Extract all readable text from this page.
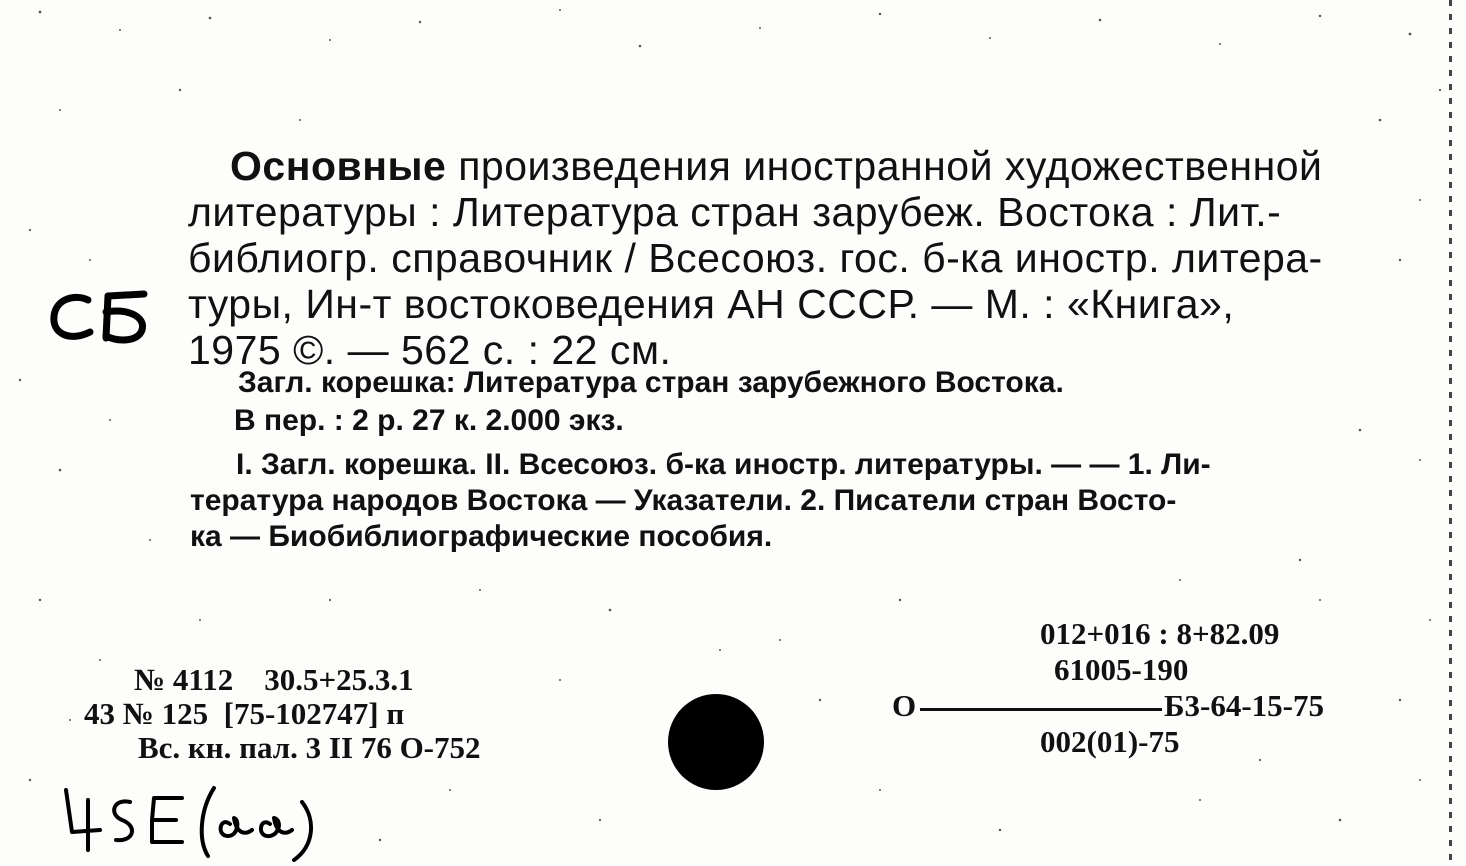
Основные произведения иностранной художественной
литературы : Литература стран зарубеж. Востока : Лит.-
библиогр. справочник / Всесоюз. гос. б-ка иностр. литера-
туры, Ин-т востоковедения АН СССР. — М. : «Книга»,
1975 ©. — 562 с. : 22 см.
Загл. корешка: Литература стран зарубежного Востока.
В пер. : 2 р. 27 к. 2.000 экз.
I. Загл. корешка. II. Всесоюз. б-ка иностр. литературы. — — 1. Ли-
тература народов Востока — Указатели. 2. Писатели стран Восто-
ка — Биобиблиографические пособия.
№ 4112    30.5+25.3.1
43 № 125  [75-102747] п
Вс. кн. пал. 3 II 76 О-752
012+016 : 8+82.09
61005-190
О	Б3-64-15-75
002(01)-75
